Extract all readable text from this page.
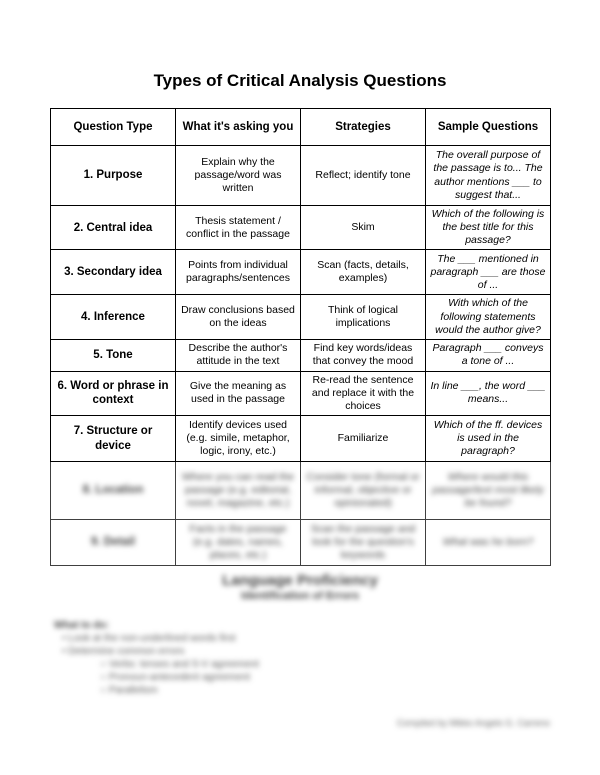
Types of Critical Analysis Questions
Question Type	What it's asking you	Strategies	Sample Questions
1. Purpose	Explain why the passage/word was written	Reflect; identify tone	The overall purpose of the passage is to... The author mentions ___ to suggest that...
2. Central idea	Thesis statement / conflict in the passage	Skim	Which of the following is the best title for this passage?
3. Secondary idea	Points from individual paragraphs/sentences	Scan (facts, details, examples)	The ___ mentioned in paragraph ___ are those of ...
4. Inference	Draw conclusions based on the ideas	Think of logical implications	With which of the following statements would the author give?
5. Tone	Describe the author's attitude in the text	Find key words/ideas that convey the mood	Paragraph ___ conveys a tone of ...
6. Word or phrase in context	Give the meaning as used in the passage	Re-read the sentence and replace it with the choices	In line ___, the word ___ means...
7. Structure or device	Identify devices used (e.g. simile, metaphor, logic, irony, etc.)	Familiarize	Which of the ff. devices is used in the paragraph?
8. Location	Where you can read the passage (e.g. editorial, novel, magazine, etc.)	Consider tone (formal or informal, objective or opinionated)	Where would this passage/text most likely be found?
9. Detail	Facts in the passage (e.g. dates, names, places, etc.)	Scan the passage and look for the question's keywords	What was he born?
Language Proficiency
Identification of Errors
What to do:
• Look at the non-underlined words first
• Determine common errors
○ Verbs: tenses and S-V agreement
○ Pronoun-antecedent agreement
○ Parallelism
Compiled by Mikko Angelo G. Carreno
